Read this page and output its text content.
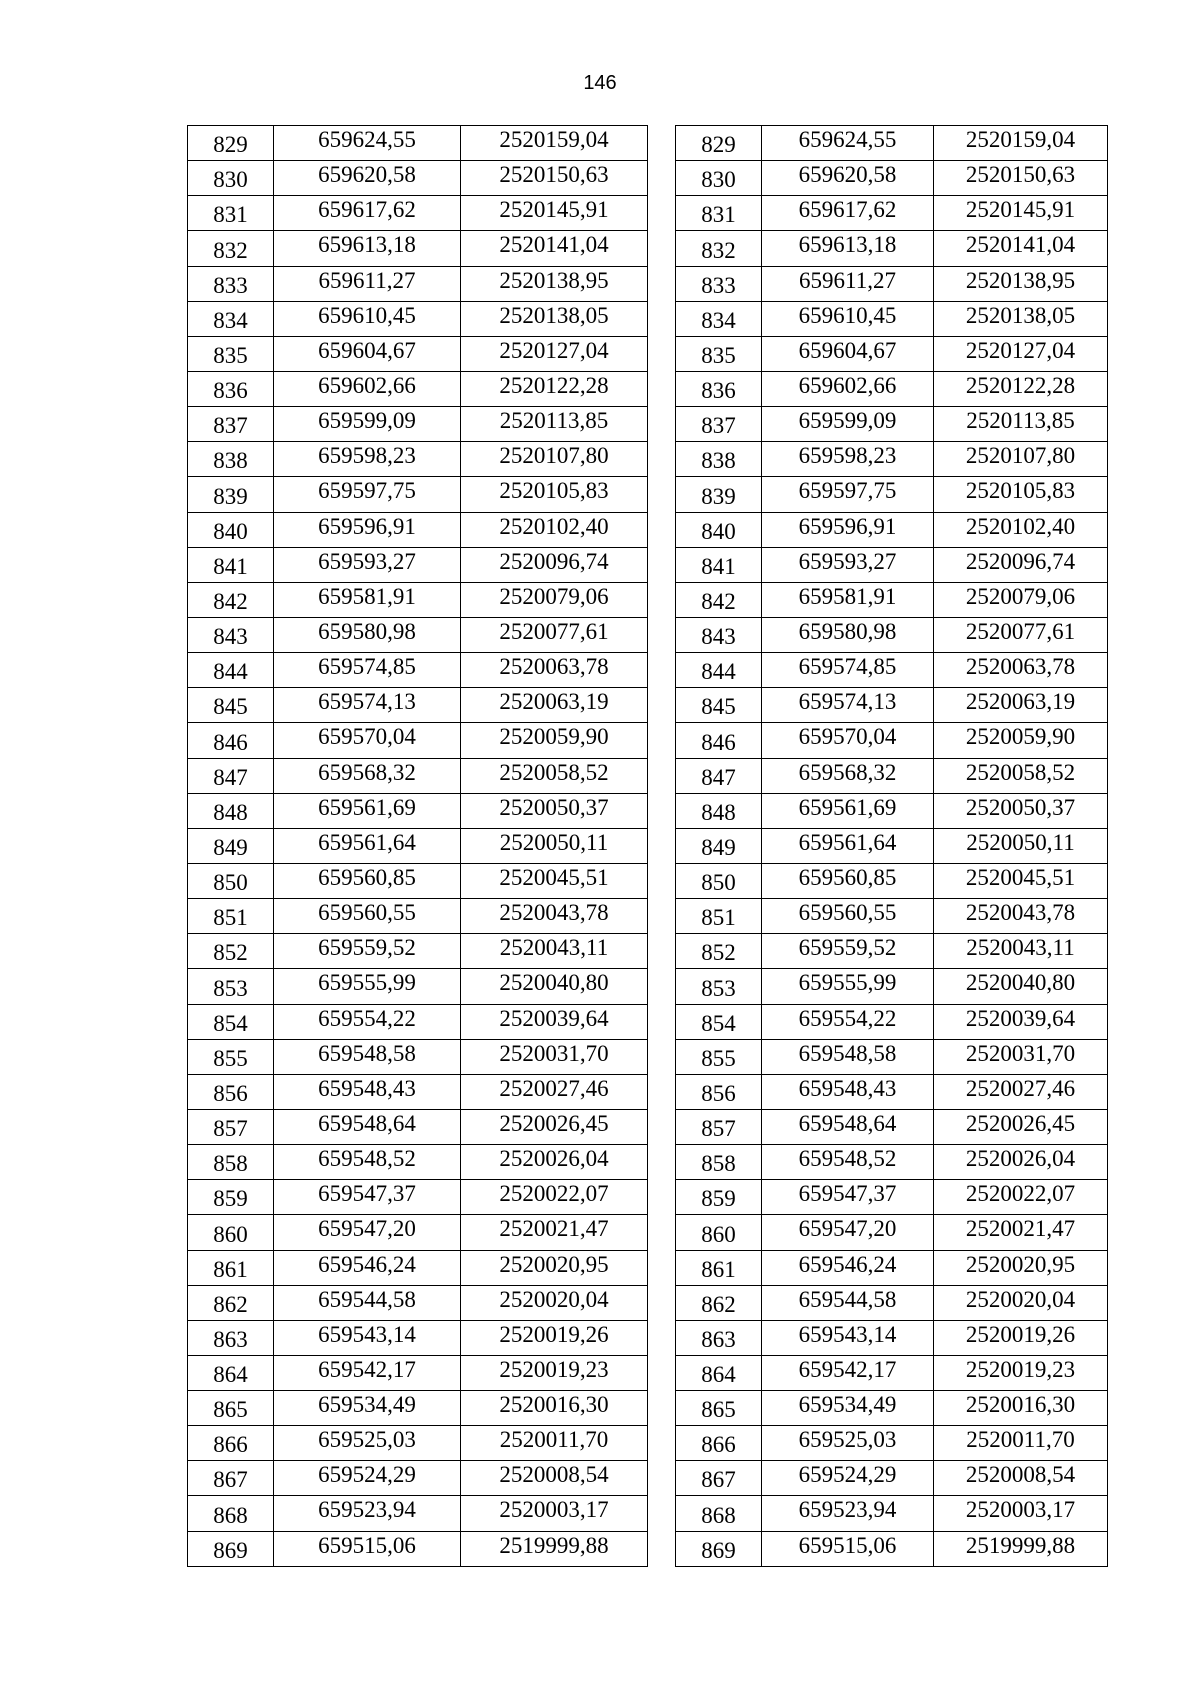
146
829	659624,55	2520159,04
830	659620,58	2520150,63
831	659617,62	2520145,91
832	659613,18	2520141,04
833	659611,27	2520138,95
834	659610,45	2520138,05
835	659604,67	2520127,04
836	659602,66	2520122,28
837	659599,09	2520113,85
838	659598,23	2520107,80
839	659597,75	2520105,83
840	659596,91	2520102,40
841	659593,27	2520096,74
842	659581,91	2520079,06
843	659580,98	2520077,61
844	659574,85	2520063,78
845	659574,13	2520063,19
846	659570,04	2520059,90
847	659568,32	2520058,52
848	659561,69	2520050,37
849	659561,64	2520050,11
850	659560,85	2520045,51
851	659560,55	2520043,78
852	659559,52	2520043,11
853	659555,99	2520040,80
854	659554,22	2520039,64
855	659548,58	2520031,70
856	659548,43	2520027,46
857	659548,64	2520026,45
858	659548,52	2520026,04
859	659547,37	2520022,07
860	659547,20	2520021,47
861	659546,24	2520020,95
862	659544,58	2520020,04
863	659543,14	2520019,26
864	659542,17	2520019,23
865	659534,49	2520016,30
866	659525,03	2520011,70
867	659524,29	2520008,54
868	659523,94	2520003,17
869	659515,06	2519999,88
829	659624,55	2520159,04
830	659620,58	2520150,63
831	659617,62	2520145,91
832	659613,18	2520141,04
833	659611,27	2520138,95
834	659610,45	2520138,05
835	659604,67	2520127,04
836	659602,66	2520122,28
837	659599,09	2520113,85
838	659598,23	2520107,80
839	659597,75	2520105,83
840	659596,91	2520102,40
841	659593,27	2520096,74
842	659581,91	2520079,06
843	659580,98	2520077,61
844	659574,85	2520063,78
845	659574,13	2520063,19
846	659570,04	2520059,90
847	659568,32	2520058,52
848	659561,69	2520050,37
849	659561,64	2520050,11
850	659560,85	2520045,51
851	659560,55	2520043,78
852	659559,52	2520043,11
853	659555,99	2520040,80
854	659554,22	2520039,64
855	659548,58	2520031,70
856	659548,43	2520027,46
857	659548,64	2520026,45
858	659548,52	2520026,04
859	659547,37	2520022,07
860	659547,20	2520021,47
861	659546,24	2520020,95
862	659544,58	2520020,04
863	659543,14	2520019,26
864	659542,17	2520019,23
865	659534,49	2520016,30
866	659525,03	2520011,70
867	659524,29	2520008,54
868	659523,94	2520003,17
869	659515,06	2519999,88
